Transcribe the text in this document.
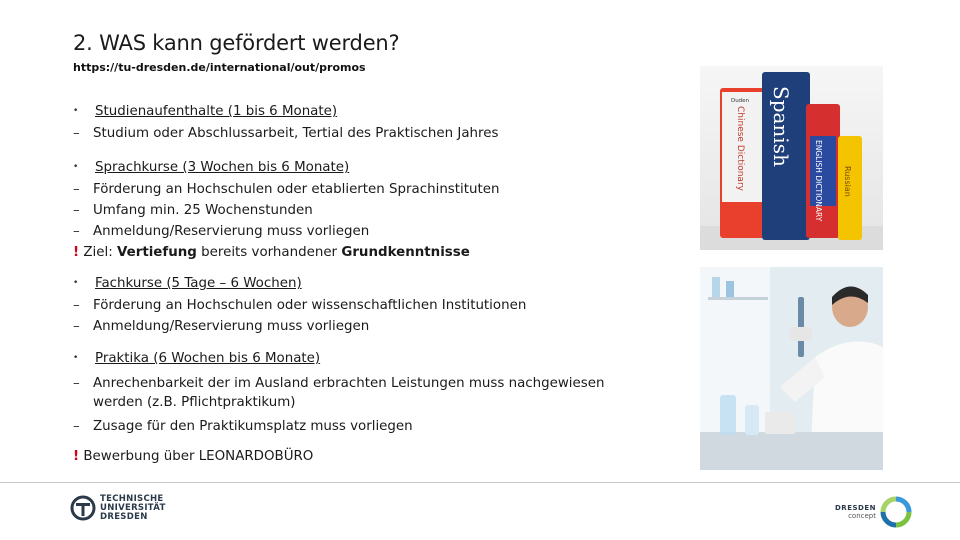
2. WAS kann gefördert werden?
https://tu-dresden.de/international/out/promos
• Studienaufenthalte (1 bis 6 Monate)
– Studium oder Abschlussarbeit, Tertial des Praktischen Jahres
• Sprachkurse (3 Wochen bis 6 Monate)
– Förderung an Hochschulen oder etablierten Sprachinstituten
– Umfang min. 25 Wochenstunden
– Anmeldung/Reservierung muss vorliegen
! Ziel: Vertiefung bereits vorhandener Grundkenntnisse
• Fachkurse (5 Tage – 6 Wochen)
– Förderung an Hochschulen oder wissenschaftlichen Institutionen
– Anmeldung/Reservierung muss vorliegen
• Praktika (6 Wochen bis 6 Monate)
– Anrechenbarkeit der im Ausland erbrachten Leistungen muss nachgewiesen
werden (z.B. Pflichtpraktikum)
– Zusage für den Praktikumsplatz muss vorliegen
! Bewerbung über LEONARDOBÜRO
Duden
Chinese Dictionary Spanish
ENGLISH DICTIONARY	Russian
TECHNISCHE
UNIVERSITÄT
DRESDEN
DRESDEN
concept
